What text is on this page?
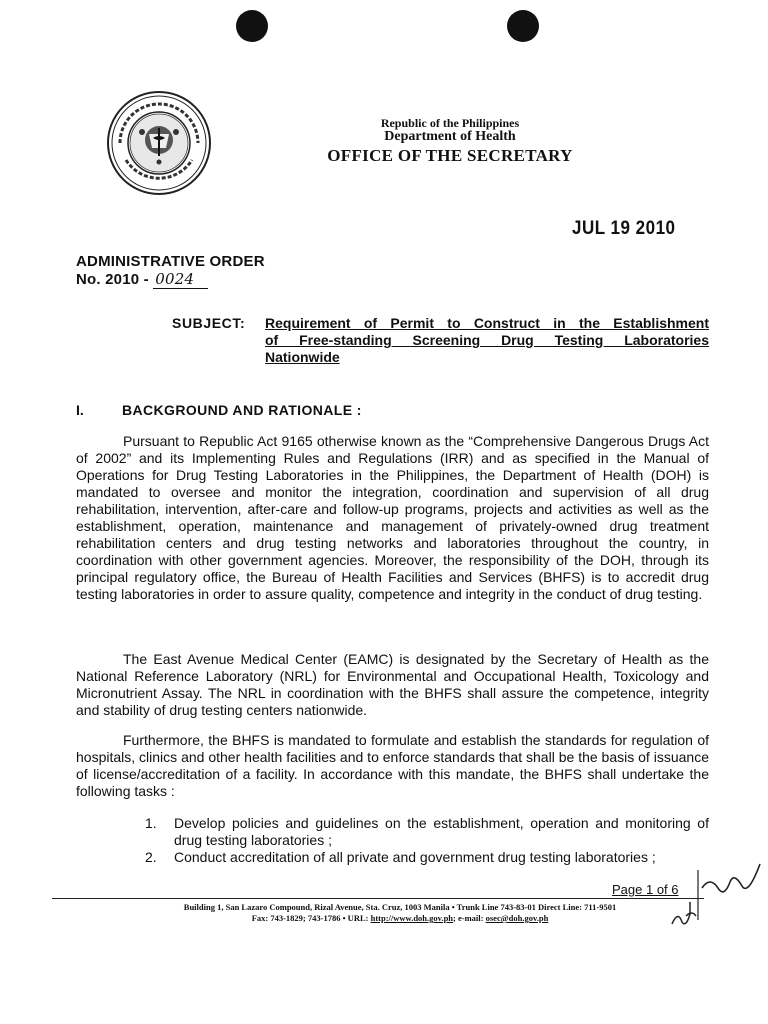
Republic of the Philippines
Department of Health
OFFICE OF THE SECRETARY
JUL 19 2010
ADMINISTRATIVE ORDER
No. 2010 - 0024
SUBJECT: Requirement of Permit to Construct in the Establishment
of Free-standing Screening Drug Testing Laboratories
Nationwide
I.	BACKGROUND AND RATIONALE :

Pursuant to Republic Act 9165 otherwise known as the “Comprehensive Dangerous Drugs Act of 2002” and its Implementing Rules and Regulations (IRR) and as specified in the Manual of Operations for Drug Testing Laboratories in the Philippines, the Department of Health (DOH) is mandated to oversee and monitor the integration, coordination and supervision of all drug rehabilitation, intervention, after-care and follow-up programs, projects and activities as well as the establishment, operation, maintenance and management of privately-owned drug treatment rehabilitation centers and drug testing networks and laboratories throughout the country, in coordination with other government agencies. Moreover, the responsibility of the DOH, through its principal regulatory office, the Bureau of Health Facilities and Services (BHFS) is to accredit drug testing laboratories in order to assure quality, competence and integrity in the conduct of drug testing.

The East Avenue Medical Center (EAMC) is designated by the Secretary of Health as the National Reference Laboratory (NRL) for Environmental and Occupational Health, Toxicology and Micronutrient Assay. The NRL in coordination with the BHFS shall assure the competence, integrity and stability of drug testing centers nationwide.

Furthermore, the BHFS is mandated to formulate and establish the standards for regulation of hospitals, clinics and other health facilities and to enforce standards that shall be the basis of issuance of license/accreditation of a facility. In accordance with this mandate, the BHFS shall undertake the following tasks :

1. Develop policies and guidelines on the establishment, operation and monitoring of drug testing laboratories ;
2. Conduct accreditation of all private and government drug testing laboratories ;
Page 1 of 6
Building 1, San Lazaro Compound, Rizal Avenue, Sta. Cruz, 1003 Manila • Trunk Line 743-83-01 Direct Line: 711-9501
Fax: 743-1829; 743-1786 • URL: http://www.doh.gov.ph; e-mail: osec@doh.gov.ph
